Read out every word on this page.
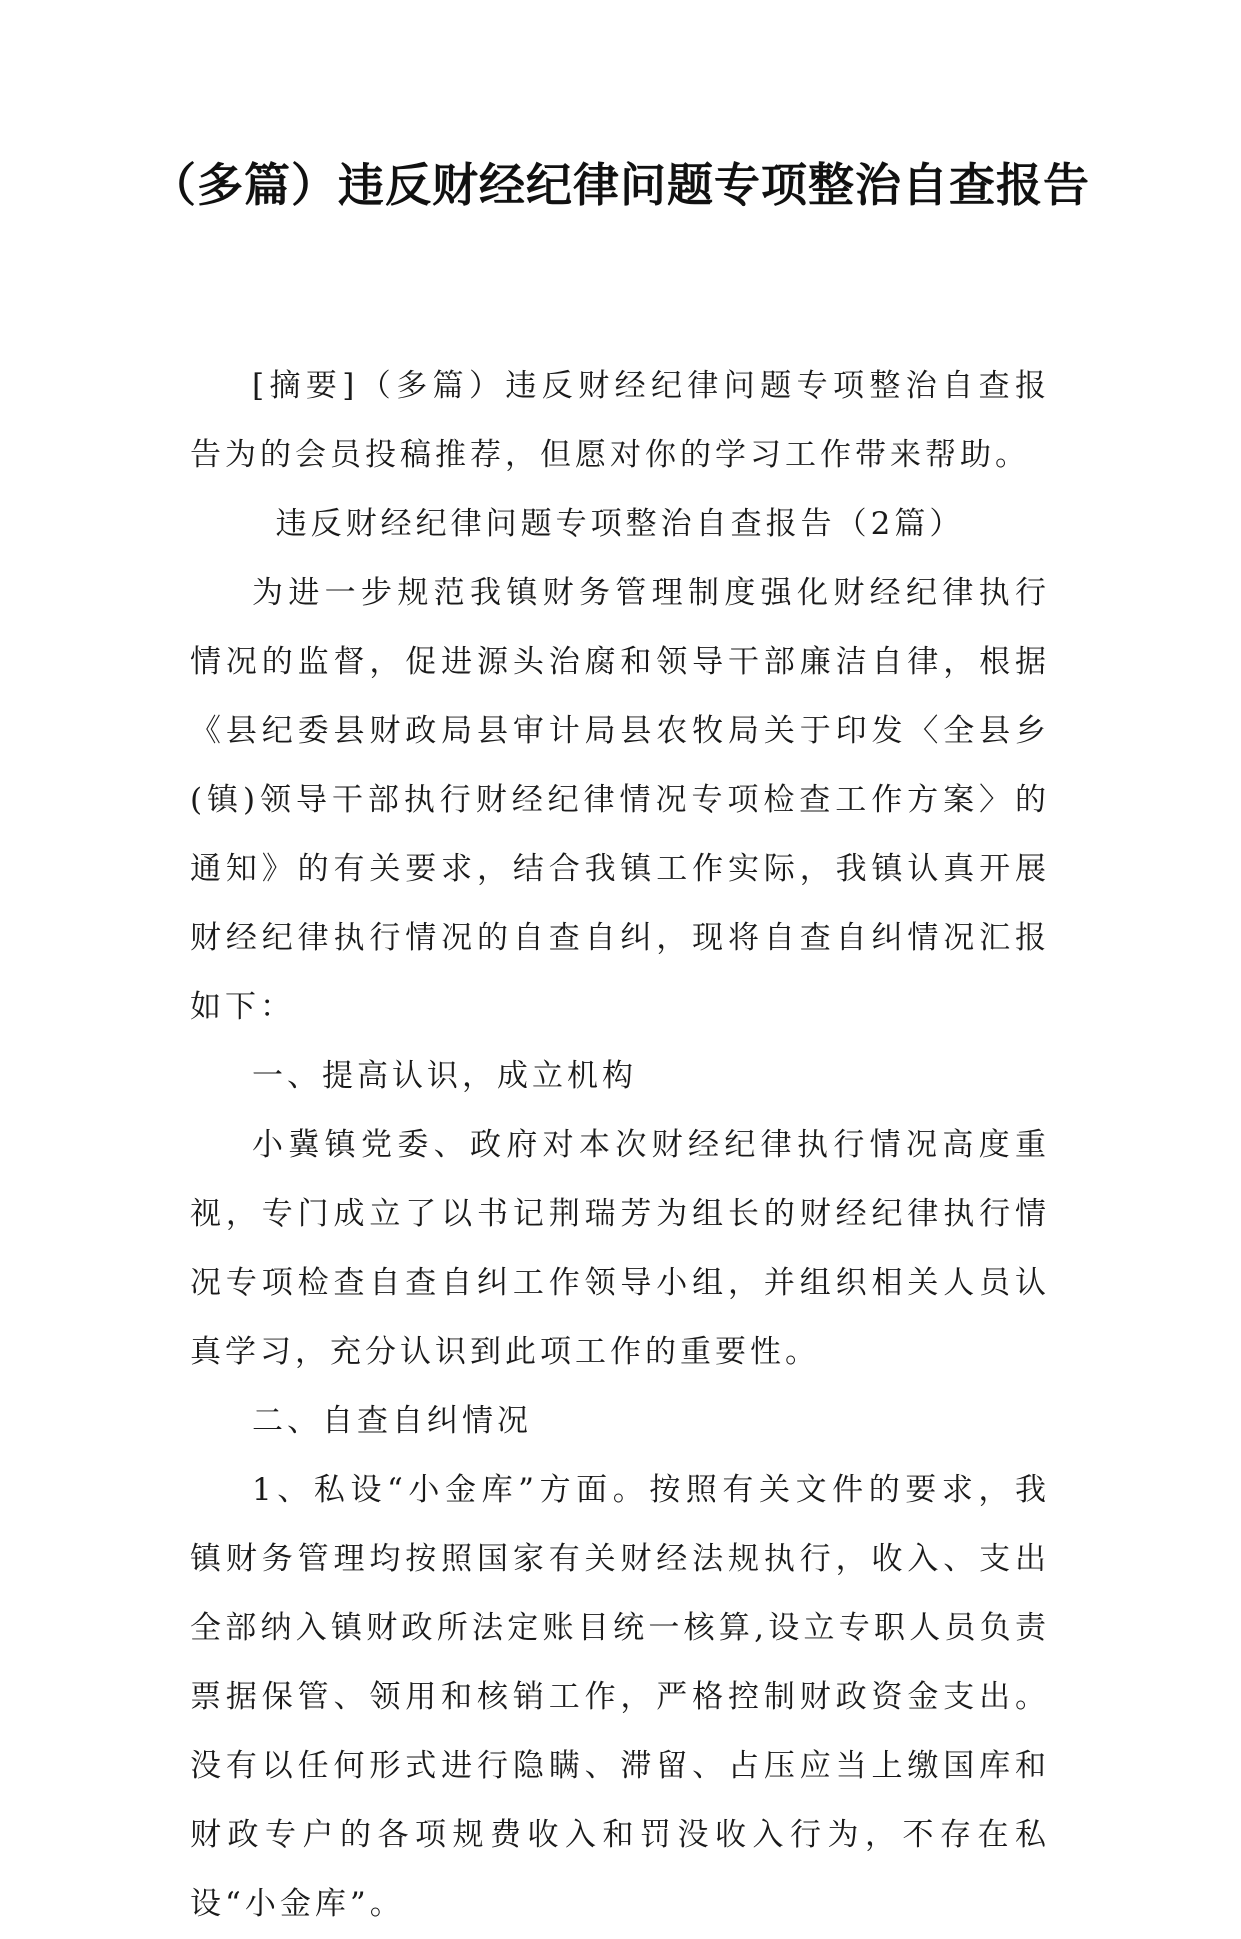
（多篇）违反财经纪律问题专项整治自查报告

[摘要]（多篇）违反财经纪律问题专项整治自查报告为的会员投稿推荐，但愿对你的学习工作带来帮助。

违反财经纪律问题专项整治自查报告（2篇）

为进一步规范我镇财务管理制度强化财经纪律执行情况的监督，促进源头治腐和领导干部廉洁自律，根据《县纪委县财政局县审计局县农牧局关于印发〈全县乡(镇)领导干部执行财经纪律情况专项检查工作方案〉的通知》的有关要求，结合我镇工作实际，我镇认真开展财经纪律执行情况的自查自纠，现将自查自纠情况汇报如下：

一、提高认识，成立机构

小冀镇党委、政府对本次财经纪律执行情况高度重视，专门成立了以书记荆瑞芳为组长的财经纪律执行情况专项检查自查自纠工作领导小组，并组织相关人员认真学习，充分认识到此项工作的重要性。

二、自查自纠情况

1、私设“小金库”方面。按照有关文件的要求，我镇财务管理均按照国家有关财经法规执行，收入、支出全部纳入镇财政所法定账目统一核算,设立专职人员负责票据保管、领用和核销工作，严格控制财政资金支出。没有以任何形式进行隐瞒、滞留、占压应当上缴国库和财政专户的各项规费收入和罚没收入行为，不存在私设“小金库”。
